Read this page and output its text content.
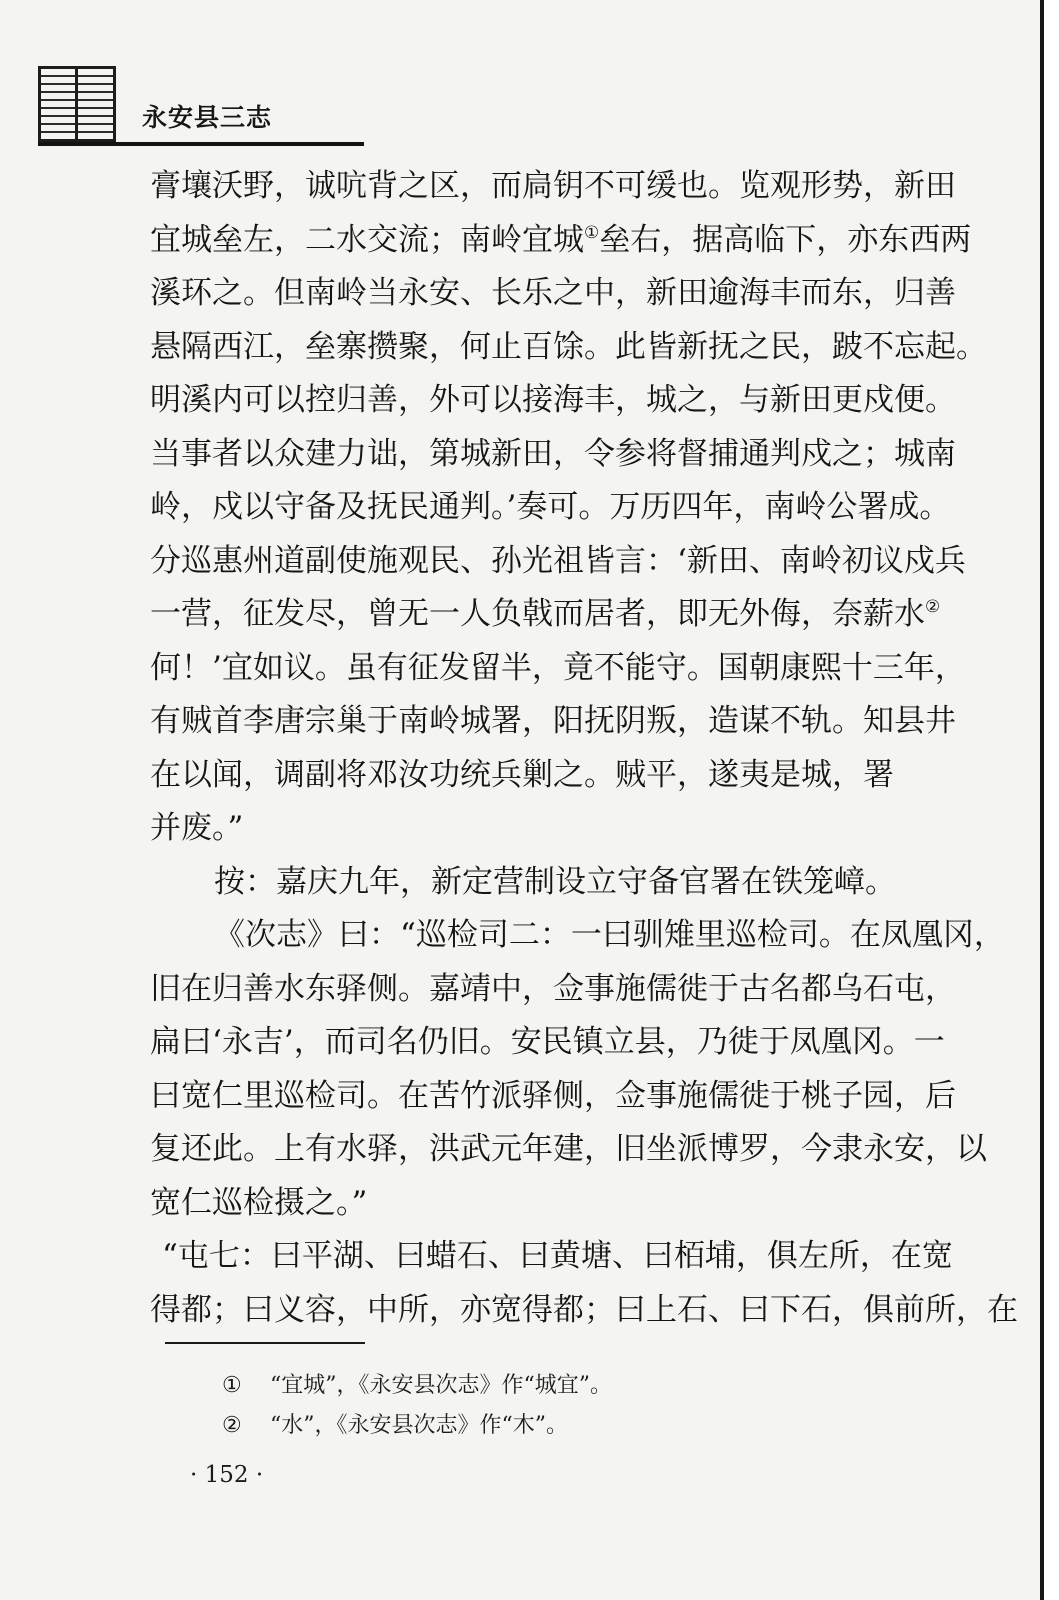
永安县三志
膏壤沃野，诚吭背之区，而扃钥不可缓也。览观形势，新田
宜城垒左，二水交流；南岭宜城①垒右，据高临下，亦东西两
溪环之。但南岭当永安、长乐之中，新田逾海丰而东，归善
悬隔西江，垒寨攒聚，何止百馀。此皆新抚之民，跛不忘起。
明溪内可以控归善，外可以接海丰，城之，与新田更戍便。
当事者以众建力诎，第城新田，令参将督捕通判戍之；城南
岭，戍以守备及抚民通判。’奏可。万历四年，南岭公署成。
分巡惠州道副使施观民、孙光祖皆言：‘新田、南岭初议戍兵
一营，征发尽，曾无一人负戟而居者，即无外侮，奈薪水②
何！’宜如议。虽有征发留半，竟不能守。国朝康熙十三年，
有贼首李唐宗巢于南岭城署，阳抚阴叛，造谋不轨。知县井
在以闻，调副将邓汝功统兵剿之。贼平，遂夷是城，署
并废。”
按：嘉庆九年，新定营制设立守备官署在铁笼嶂。
《次志》曰：“巡检司二：一曰驯雉里巡检司。在凤凰冈，
旧在归善水东驿侧。嘉靖中，佥事施儒徙于古名都乌石屯，
扁曰‘永吉’，而司名仍旧。安民镇立县，乃徙于凤凰冈。一
曰宽仁里巡检司。在苦竹派驿侧，佥事施儒徙于桃子园，后
复还此。上有水驿，洪武元年建，旧坐派博罗，今隶永安，以
宽仁巡检摄之。”
“屯七：曰平湖、曰蜡石、曰黄塘、曰栢埔，俱左所，在宽
得都；曰义容，中所，亦宽得都；曰上石、曰下石，俱前所，在
① “宜城”，《永安县次志》作“城宜”。
② “水”，《永安县次志》作“木”。
· 152 ·
